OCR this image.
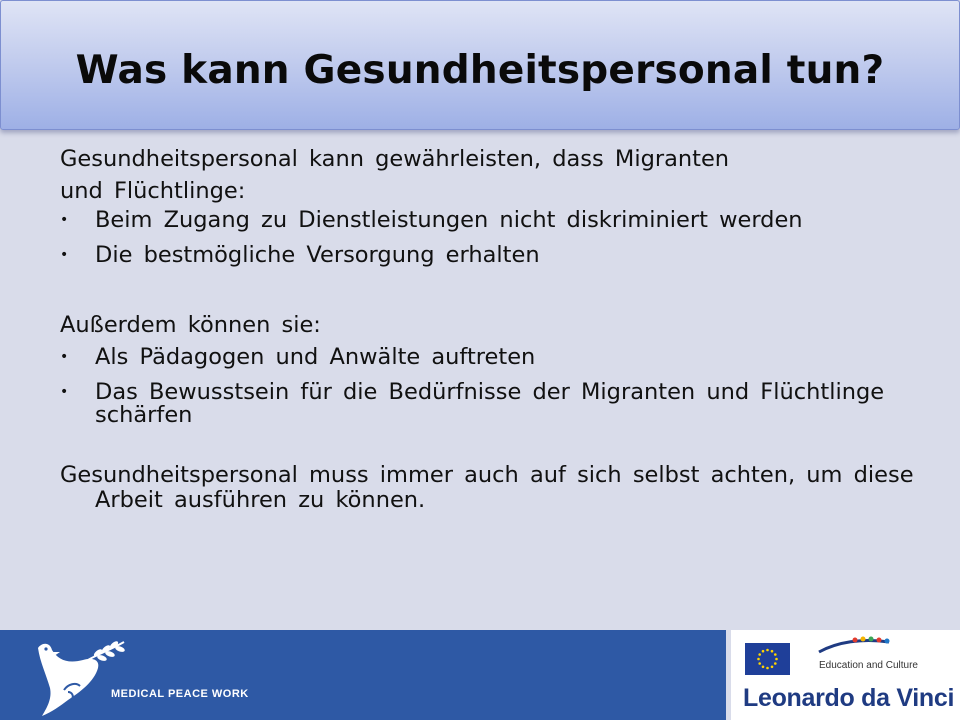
Was kann Gesundheitspersonal tun?

Gesundheitspersonal kann gewährleisten, dass Migranten

und Flüchtlinge:

• Beim Zugang zu Dienstleistungen nicht diskriminiert werden
• Die bestmögliche Versorgung erhalten

Außerdem können sie:

• Als Pädagogen und Anwälte auftreten
• Das Bewusstsein für die Bedürfnisse der Migranten und Flüchtlinge schärfen

Gesundheitspersonal muss immer auch auf sich selbst achten, um diese Arbeit ausführen zu können.

MEDICAL PEACE WORK
Education and Culture
Leonardo da Vinci
